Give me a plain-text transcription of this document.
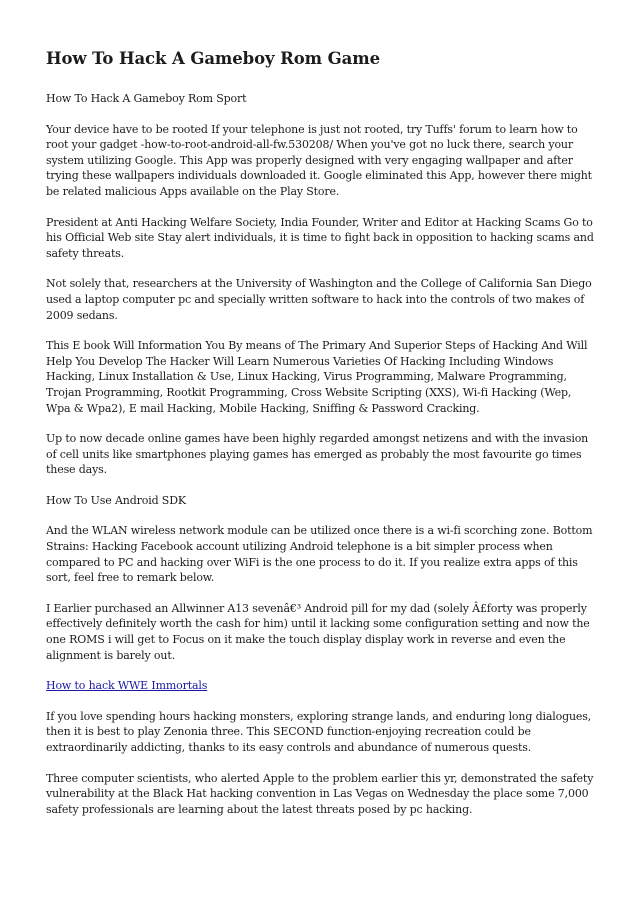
How To Hack A Gameboy Rom Game

How To Hack A Gameboy Rom Sport

Your device have to be rooted If your telephone is just not rooted, try Tuffs' forum to learn how to root your gadget -how-to-root-android-all-fw.530208/ When you've got no luck there, search your system utilizing Google. This App was properly designed with very engaging wallpaper and after trying these wallpapers individuals downloaded it. Google eliminated this App, however there might be related malicious Apps available on the Play Store.

President at Anti Hacking Welfare Society, India Founder, Writer and Editor at Hacking Scams Go to his Official Web site Stay alert individuals, it is time to fight back in opposition to hacking scams and safety threats.

Not solely that, researchers at the University of Washington and the College of California San Diego used a laptop computer pc and specially written software to hack into the controls of two makes of 2009 sedans.

This E book Will Information You By means of The Primary And Superior Steps of Hacking And Will Help You Develop The Hacker Will Learn Numerous Varieties Of Hacking Including Windows Hacking, Linux Installation & Use, Linux Hacking, Virus Programming, Malware Programming, Trojan Programming, Rootkit Programming, Cross Website Scripting (XXS), Wi-fi Hacking (Wep, Wpa & Wpa2), E mail Hacking, Mobile Hacking, Sniffing & Password Cracking.

Up to now decade online games have been highly regarded amongst netizens and with the invasion of cell units like smartphones playing games has emerged as probably the most favourite go times these days.

How To Use Android SDK

And the WLAN wireless network module can be utilized once there is a wi-fi scorching zone. Bottom Strains: Hacking Facebook account utilizing Android telephone is a bit simpler process when compared to PC and hacking over WiFi is the one process to do it. If you realize extra apps of this sort, feel free to remark below.

I Earlier purchased an Allwinner A13 sevenâ€³ Android pill for my dad (solely Â£forty was properly effectively definitely worth the cash for him) until it lacking some configuration setting and now the one ROMS i will get to Focus on it make the touch display display work in reverse and even the alignment is barely out.

How to hack WWE Immortals

If you love spending hours hacking monsters, exploring strange lands, and enduring long dialogues, then it is best to play Zenonia three. This SECOND function-enjoying recreation could be extraordinarily addicting, thanks to its easy controls and abundance of numerous quests.

Three computer scientists, who alerted Apple to the problem earlier this yr, demonstrated the safety vulnerability at the Black Hat hacking convention in Las Vegas on Wednesday the place some 7,000 safety professionals are learning about the latest threats posed by pc hacking.
